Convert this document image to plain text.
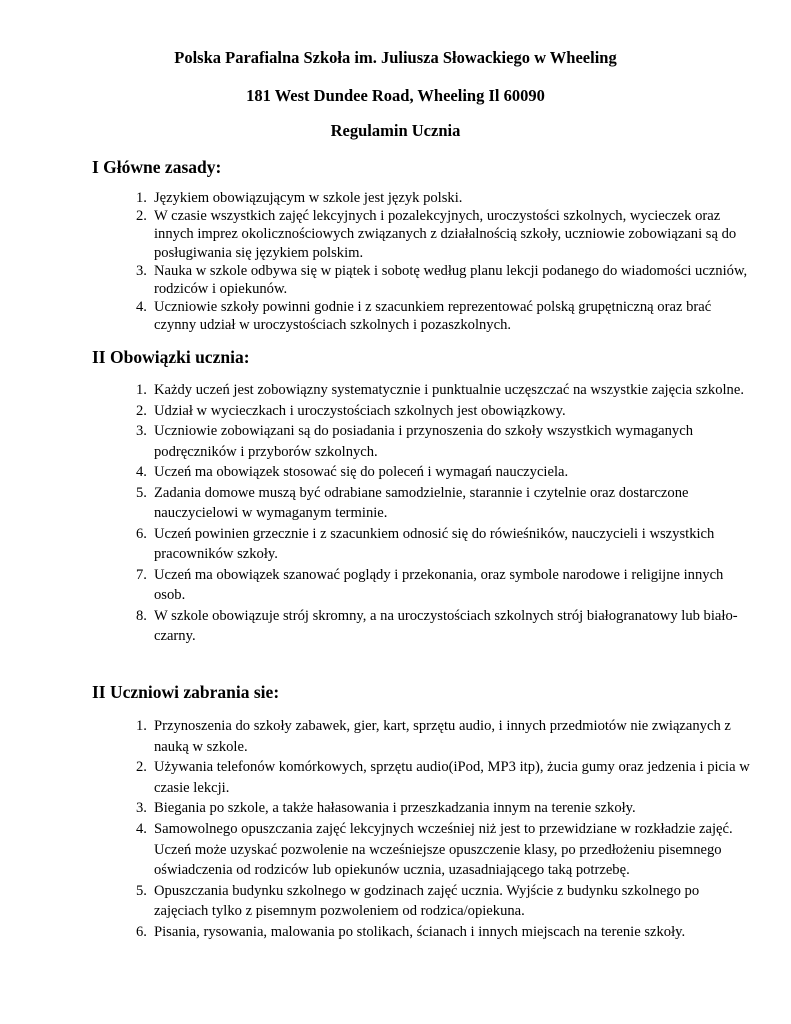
Polska Parafialna Szkoła im. Juliusza Słowackiego w Wheeling
181 West Dundee Road, Wheeling Il 60090
Regulamin Ucznia
I Główne zasady:
1. Językiem obowiązującym w szkole jest język polski.
2. W czasie wszystkich zajęć lekcyjnych i pozalekcyjnych, uroczystości szkolnych, wycieczek oraz innych imprez okolicznościowych związanych z działalnością szkoły, uczniowie zobowiązani są do posługiwania się językiem polskim.
3. Nauka w szkole odbywa się w piątek i sobotę według planu lekcji podanego do wiadomości uczniów, rodziców i opiekunów.
4. Uczniowie szkoły powinni godnie i z szacunkiem reprezentować polską grupętniczną oraz brać czynny udział w uroczystościach szkolnych i pozaszkolnych.
II Obowiązki ucznia:
1. Każdy uczeń jest zobowiązny systematycznie i punktualnie uczęszczać na wszystkie zajęcia szkolne.
2. Udział w wycieczkach i uroczystościach szkolnych jest obowiązkowy.
3. Uczniowie zobowiązani są do posiadania i przynoszenia do szkoły wszystkich wymaganych podręczników i przyborów szkolnych.
4. Uczeń ma obowiązek stosować się do poleceń i wymagań nauczyciela.
5. Zadania domowe muszą być odrabiane samodzielnie, starannie i czytelnie oraz dostarczone nauczycielowi w wymaganym terminie.
6. Uczeń powinien grzecznie i z szacunkiem odnosić się do rówieśników, nauczycieli i wszystkich pracowników szkoły.
7. Uczeń ma obowiązek szanować poglądy i przekonania, oraz symbole narodowe i religijne innych osob.
8. W szkole obowiązuje strój skromny, a na uroczystościach szkolnych strój białogranatowy lub biało-czarny.
II Uczniowi zabrania sie:
1. Przynoszenia do szkoły zabawek, gier, kart, sprzętu audio, i innych przedmiotów nie związanych z nauką w szkole.
2. Używania telefonów komórkowych, sprzętu audio(iPod, MP3 itp), żucia gumy oraz jedzenia i picia w czasie lekcji.
3. Biegania po szkole, a także hałasowania i przeszkadzania innym na terenie szkoły.
4. Samowolnego opuszczania zajęć lekcyjnych wcześniej niż jest to przewidziane w rozkładzie zajęć. Uczeń może uzyskać pozwolenie na wcześniejsze opuszczenie klasy, po przedłożeniu pisemnego oświadczenia od rodziców lub opiekunów ucznia, uzasadniającego taką potrzebę.
5. Opuszczania budynku szkolnego w godzinach zajęć ucznia. Wyjście z budynku szkolnego po zajęciach tylko z pisemnym pozwoleniem od rodzica/opiekuna.
6. Pisania, rysowania, malowania po stolikach, ścianach i innych miejscach na terenie szkoły.
